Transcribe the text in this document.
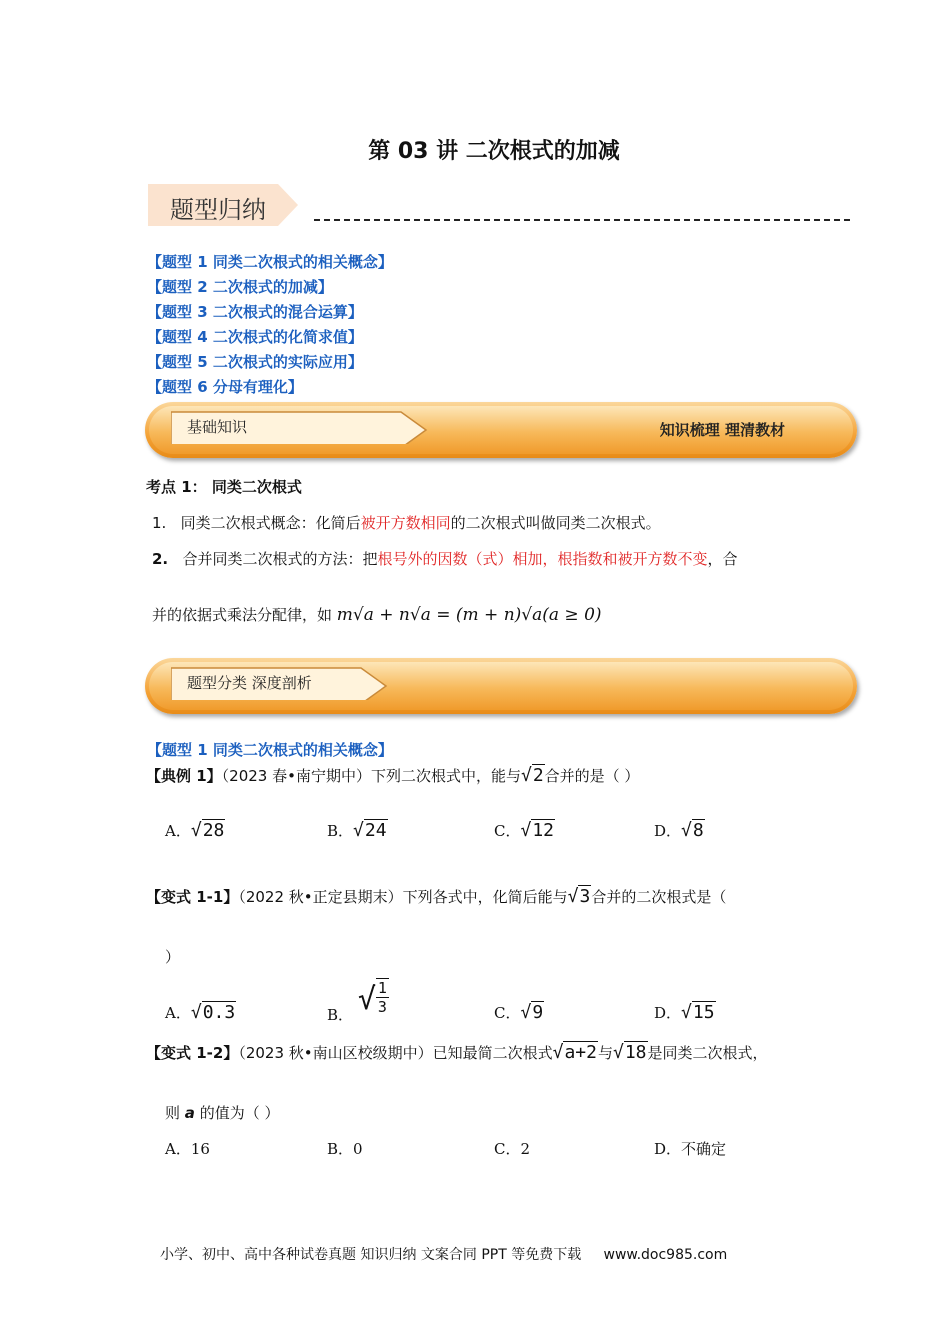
第 03 讲 二次根式的加减
题型归纳
【题型 1 同类二次根式的相关概念】
【题型 2 二次根式的加减】
【题型 3 二次根式的混合运算】
【题型 4 二次根式的化简求值】
【题型 5 二次根式的实际应用】
【题型 6 分母有理化】
基础知识	知识梳理 理清教材
考点 1： 同类二次根式
1. 同类二次根式概念：化简后被开方数相同的二次根式叫做同类二次根式。
2. 合并同类二次根式的方法：把根号外的因数（式）相加，根指数和被开方数不变，合
并的依据式乘法分配律，如 m√a + n√a = (m + n)√a(a ≥ 0)
题型分类 深度剖析
【题型 1 同类二次根式的相关概念】
【典例 1】（2023 春•南宁期中）下列二次根式中，能与√2合并的是（ ）
A．√28	B．√24	C．√12	D．√8
【变式 1-1】（2022 秋•正定县期末）下列各式中，化简后能与√3合并的二次根式是（
）
A．√0.3	B． √ $\frac{1}{3}$	C．√9	D．√15
【变式 1-2】（2023 秋•南山区校级期中）已知最简二次根式√a+2与√18是同类二次根式，
则 a 的值为（ ）
A．16	B．0	C．2	D．不确定
小学、初中、高中各种试卷真题 知识归纳 文案合同 PPT 等免费下载 www.doc985.com
